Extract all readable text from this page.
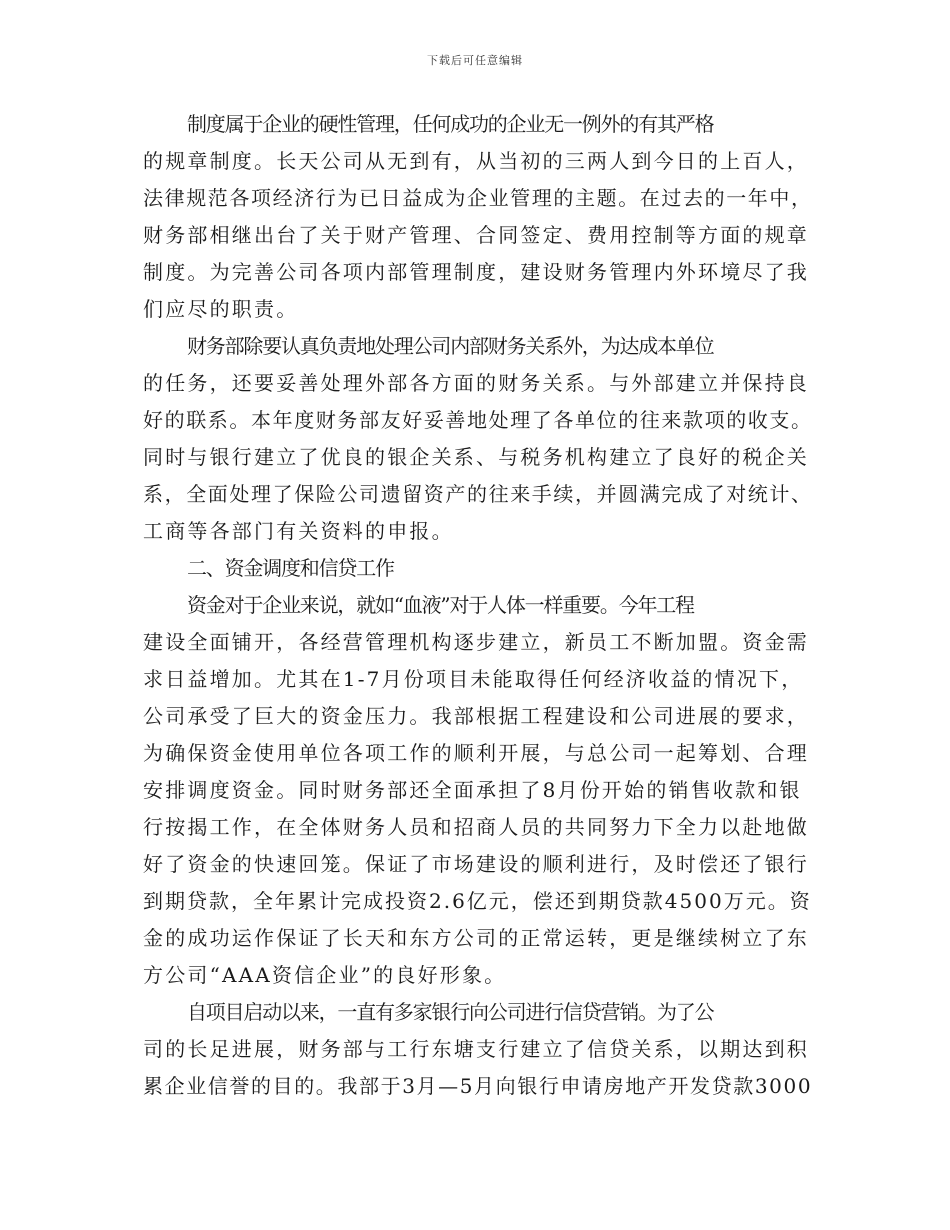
下载后可任意编辑
制度属于企业的硬性管理，任何成功的企业无一例外的有其严格
的规章制度。长天公司从无到有，从当初的三两人到今日的上百人，
法律规范各项经济行为已日益成为企业管理的主题。在过去的一年中，
财务部相继出台了关于财产管理、合同签定、费用控制等方面的规章
制度。为完善公司各项内部管理制度，建设财务管理内外环境尽了我
们应尽的职责。
财务部除要认真负责地处理公司内部财务关系外，为达成本单位
的任务，还要妥善处理外部各方面的财务关系。与外部建立并保持良
好的联系。本年度财务部友好妥善地处理了各单位的往来款项的收支。
同时与银行建立了优良的银企关系、与税务机构建立了良好的税企关
系，全面处理了保险公司遗留资产的往来手续，并圆满完成了对统计、
工商等各部门有关资料的申报。
二、资金调度和信贷工作
资金对于企业来说，就如“血液”对于人体一样重要。今年工程
建设全面铺开，各经营管理机构逐步建立，新员工不断加盟。资金需
求日益增加。尤其在1-7月份项目未能取得任何经济收益的情况下，
公司承受了巨大的资金压力。我部根据工程建设和公司进展的要求，
为确保资金使用单位各项工作的顺利开展，与总公司一起筹划、合理
安排调度资金。同时财务部还全面承担了8月份开始的销售收款和银
行按揭工作，在全体财务人员和招商人员的共同努力下全力以赴地做
好了资金的快速回笼。保证了市场建设的顺利进行，及时偿还了银行
到期贷款，全年累计完成投资2.6亿元，偿还到期贷款4500万元。资
金的成功运作保证了长天和东方公司的正常运转，更是继续树立了东
方公司“AAA资信企业”的良好形象。
自项目启动以来，一直有多家银行向公司进行信贷营销。为了公
司的长足进展，财务部与工行东塘支行建立了信贷关系，以期达到积
累企业信誉的目的。我部于3月—5月向银行申请房地产开发贷款3000
